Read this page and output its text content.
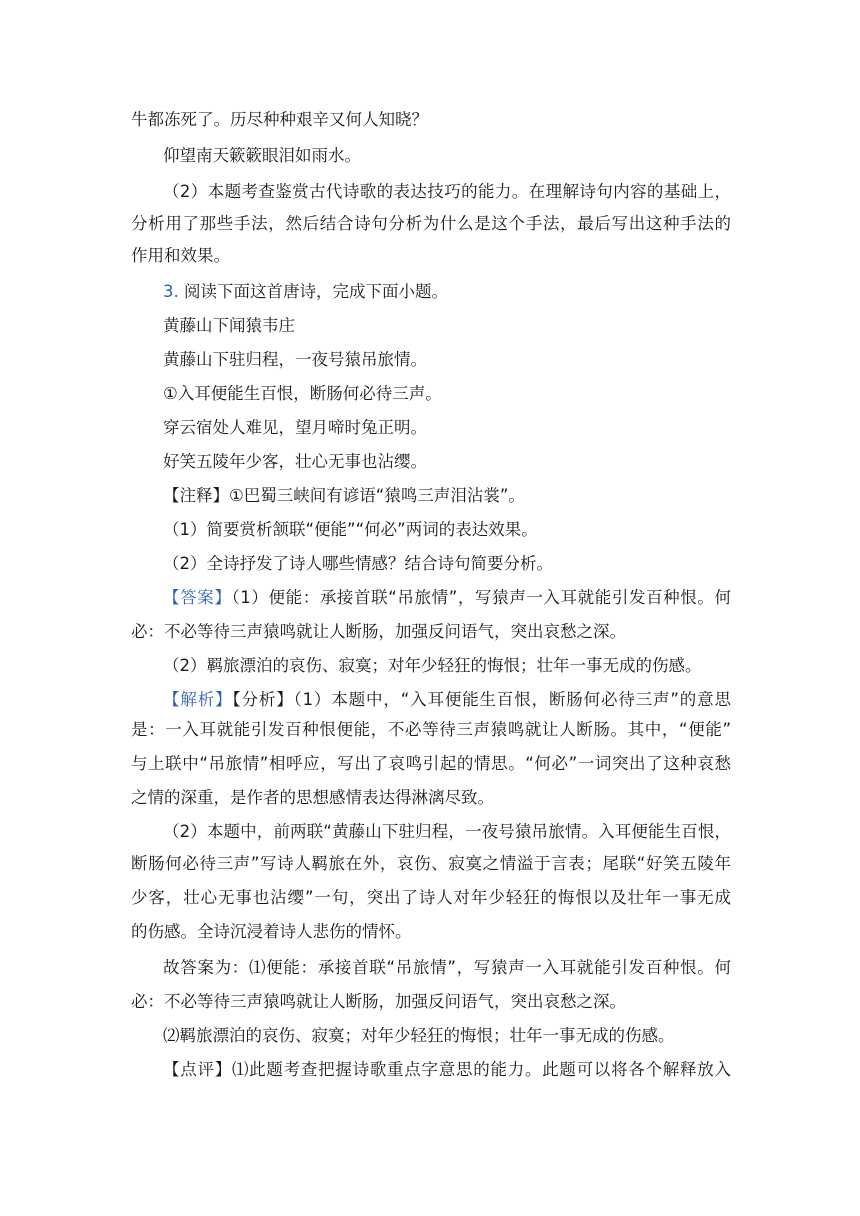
牛都冻死了。历尽种种艰辛又何人知晓？
仰望南天簌簌眼泪如雨水。
（2）本题考查鉴赏古代诗歌的表达技巧的能力。在理解诗句内容的基础上，
分析用了那些手法，然后结合诗句分析为什么是这个手法，最后写出这种手法的
作用和效果。
3. 阅读下面这首唐诗，完成下面小题。
黄藤山下闻猿韦庄
黄藤山下驻归程，一夜号猿吊旅情。
①入耳便能生百恨，断肠何必待三声。
穿云宿处人难见，望月啼时兔正明。
好笑五陵年少客，壮心无事也沾缨。
【注释】①巴蜀三峡间有谚语“猿鸣三声泪沾裳”。
（1）简要赏析颔联“便能”“何必”两词的表达效果。
（2）全诗抒发了诗人哪些情感？结合诗句简要分析。
【答案】（1）便能：承接首联“吊旅情”，写猿声一入耳就能引发百种恨。何
必：不必等待三声猿鸣就让人断肠，加强反问语气，突出哀愁之深。
（2）羁旅漂泊的哀伤、寂寞；对年少轻狂的悔恨；壮年一事无成的伤感。
【解析】【分析】（1）本题中，“入耳便能生百恨，断肠何必待三声”的意思
是：一入耳就能引发百种恨便能，不必等待三声猿鸣就让人断肠。其中，“便能”
与上联中“吊旅情”相呼应，写出了哀鸣引起的情思。“何必”一词突出了这种哀愁
之情的深重，是作者的思想感情表达得淋漓尽致。
（2）本题中，前两联“黄藤山下驻归程，一夜号猿吊旅情。入耳便能生百恨，
断肠何必待三声”写诗人羁旅在外，哀伤、寂寞之情溢于言表；尾联“好笑五陵年
少客，壮心无事也沾缨”一句，突出了诗人对年少轻狂的悔恨以及壮年一事无成
的伤感。全诗沉浸着诗人悲伤的情怀。
故答案为：⑴便能：承接首联“吊旅情”，写猿声一入耳就能引发百种恨。何
必：不必等待三声猿鸣就让人断肠，加强反问语气，突出哀愁之深。
⑵羁旅漂泊的哀伤、寂寞；对年少轻狂的悔恨；壮年一事无成的伤感。
【点评】⑴此题考查把握诗歌重点字意思的能力。此题可以将各个解释放入
